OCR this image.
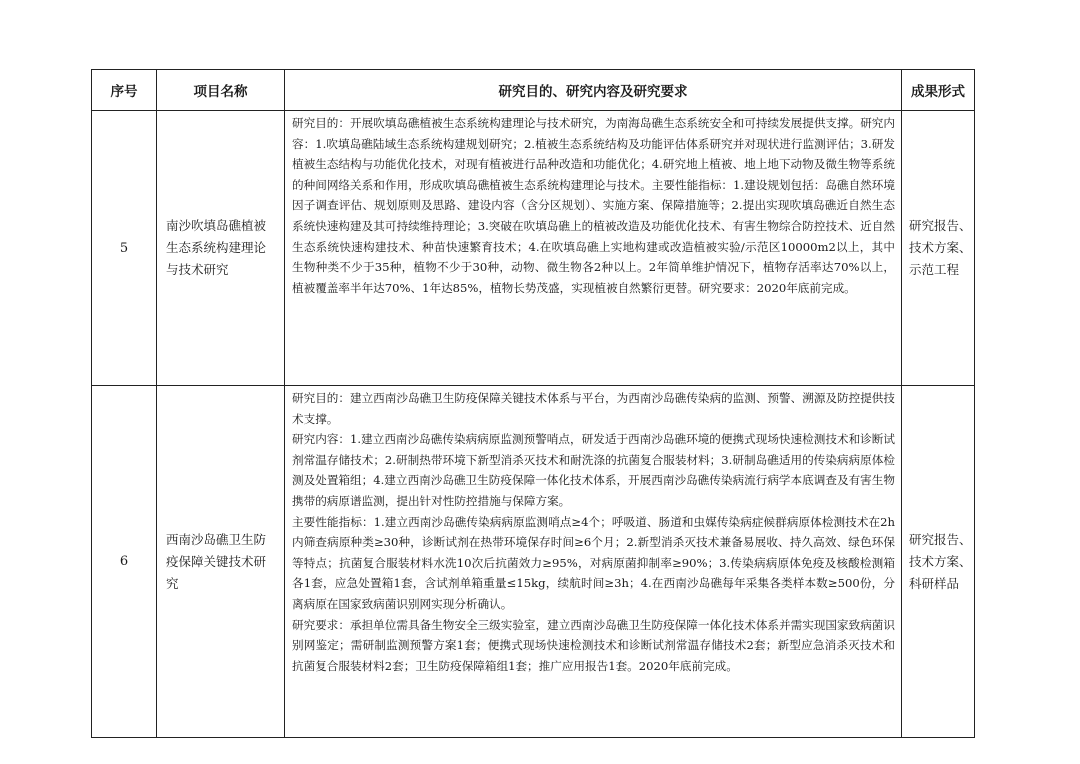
序号	项目名称	研究目的、研究内容及研究要求	成果形式
5	南沙吹填岛礁植被生态系统构建理论与技术研究	研究目的：开展吹填岛礁植被生态系统构建理论与技术研究，为南海岛礁生态系统安全和可持续发展提供支撑。研究内容：1.吹填岛礁陆域生态系统构建规划研究；2.植被生态系统结构及功能评估体系研究并对现状进行监测评估；3.研发植被生态结构与功能优化技术，对现有植被进行品种改造和功能优化；4.研究地上植被、地上地下动物及微生物等系统的种间网络关系和作用，形成吹填岛礁植被生态系统构建理论与技术。主要性能指标：1.建设规划包括：岛礁自然环境因子调查评估、规划原则及思路、建设内容（含分区规划）、实施方案、保障措施等；2.提出实现吹填岛礁近自然生态系统快速构建及其可持续维持理论；3.突破在吹填岛礁上的植被改造及功能优化技术、有害生物综合防控技术、近自然生态系统快速构建技术、种苗快速繁育技术；4.在吹填岛礁上实地构建或改造植被实验/示范区10000m2以上，其中生物种类不少于35种，植物不少于30种，动物、微生物各2种以上。2年简单维护情况下，植物存活率达70%以上，植被覆盖率半年达70%、1年达85%，植物长势茂盛，实现植被自然繁衍更替。研究要求：2020年底前完成。	研究报告、技术方案、示范工程
6	西南沙岛礁卫生防疫保障关键技术研究	研究目的：建立西南沙岛礁卫生防疫保障关键技术体系与平台，为西南沙岛礁传染病的监测、预警、溯源及防控提供技术支撑。

研究内容：1.建立西南沙岛礁传染病病原监测预警哨点，研发适于西南沙岛礁环境的便携式现场快速检测技术和诊断试剂常温存储技术；2.研制热带环境下新型消杀灭技术和耐洗涤的抗菌复合服装材料；3.研制岛礁适用的传染病病原体检测及处置箱组；4.建立西南沙岛礁卫生防疫保障一体化技术体系，开展西南沙岛礁传染病流行病学本底调查及有害生物携带的病原谱监测，提出针对性防控措施与保障方案。

主要性能指标：1.建立西南沙岛礁传染病病原监测哨点≥4个；呼吸道、肠道和虫媒传染病症候群病原体检测技术在2h内筛查病原种类≥30种，诊断试剂在热带环境保存时间≥6个月；2.新型消杀灭技术兼备易展收、持久高效、绿色环保等特点；抗菌复合服装材料水洗10次后抗菌效力≥95%，对病原菌抑制率≥90%；3.传染病病原体免疫及核酸检测箱各1套，应急处置箱1套，含试剂单箱重量≤15kg，续航时间≥3h；4.在西南沙岛礁每年采集各类样本数≥500份，分离病原在国家致病菌识别网实现分析确认。

研究要求：承担单位需具备生物安全三级实验室，建立西南沙岛礁卫生防疫保障一体化技术体系并需实现国家致病菌识别网鉴定；需研制监测预警方案1套；便携式现场快速检测技术和诊断试剂常温存储技术2套；新型应急消杀灭技术和抗菌复合服装材料2套；卫生防疫保障箱组1套；推广应用报告1套。2020年底前完成。	研究报告、技术方案、科研样品
